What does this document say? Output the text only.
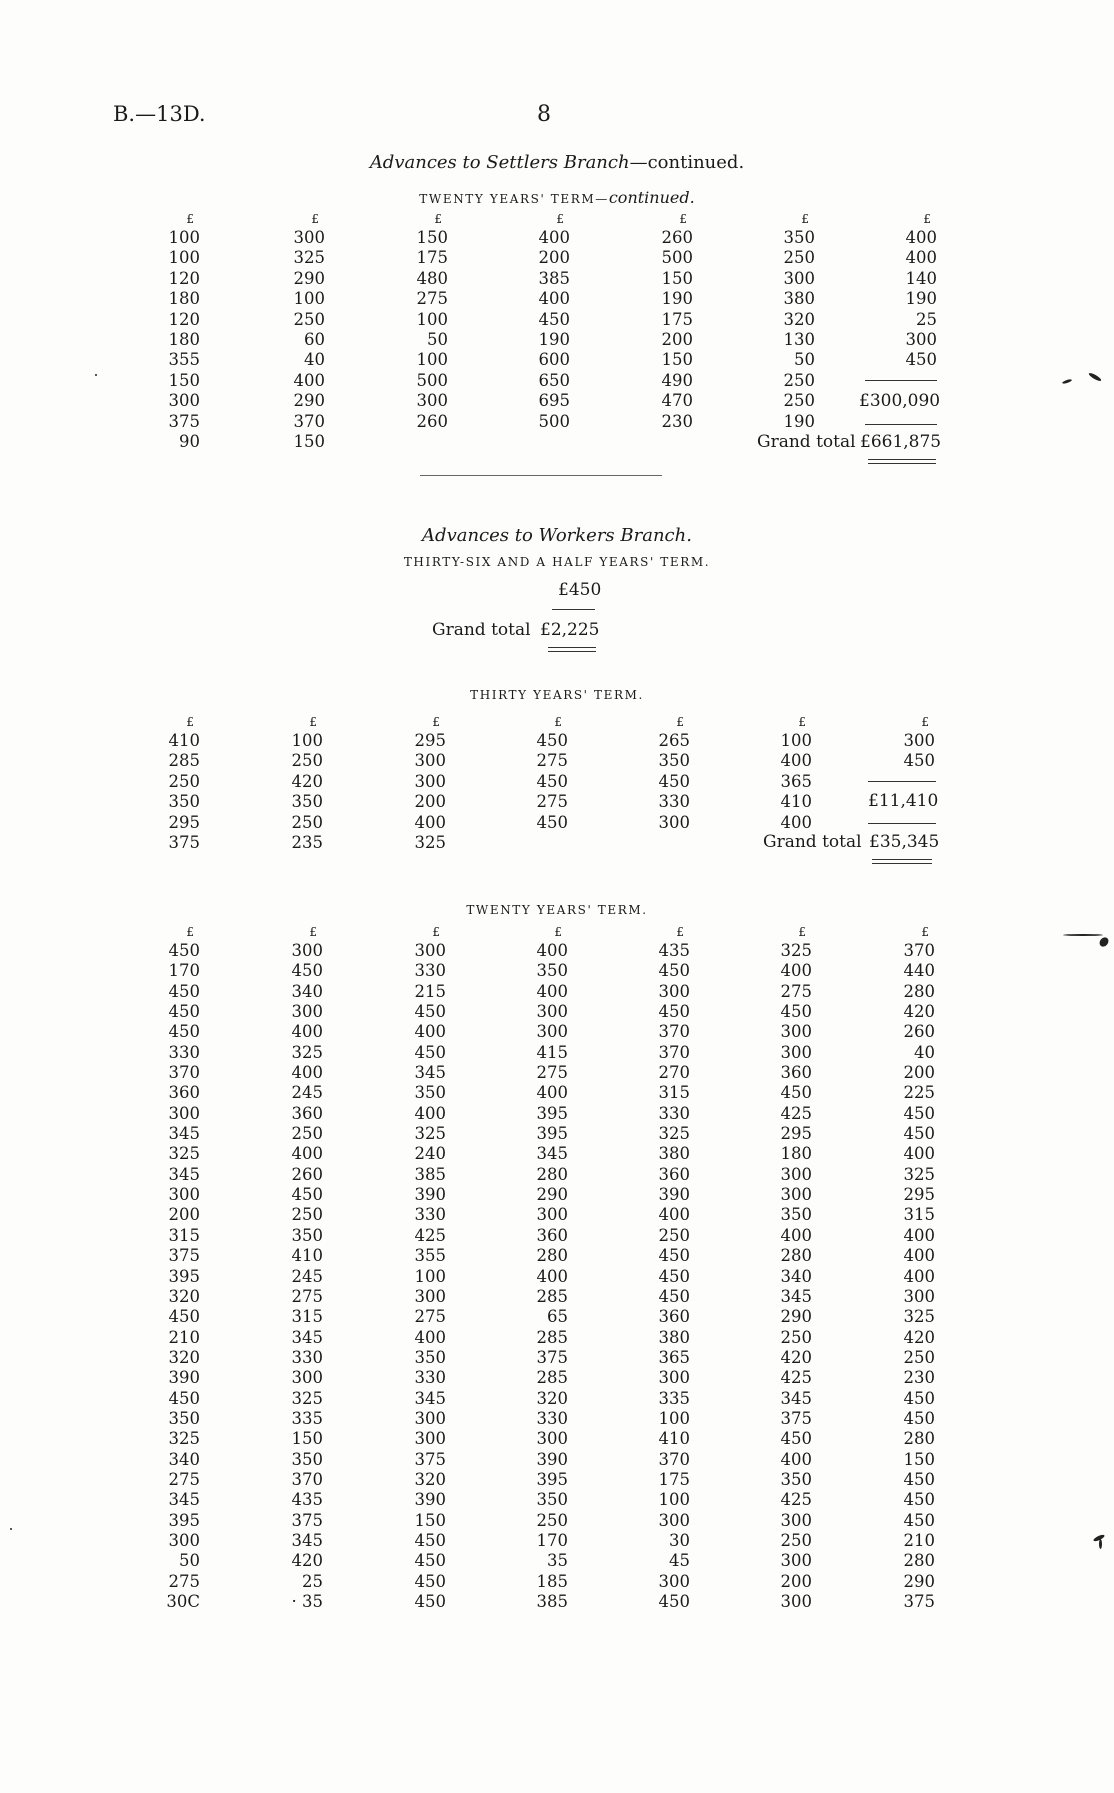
B.—13D.	8
Advances to Settlers Branch—continued.
TWENTY YEARS' TERM—continued.
£
100
100
120
180
120
180
355
150
300
375
90
£
300
325
290
100
250
60
40
400
290
370
150
£
150
175
480
275
100
50
100
500
300
260
£
400
200
385
400
450
190
600
650
695
500
£
260
500
150
190
175
200
150
490
470
230
£
350
250
300
380
320
130
50
250
250
190
£
400
400
140
190
25
300
450
£300,090
Grand total £661,875
Advances to Workers Branch.
THIRTY-SIX AND A HALF YEARS' TERM.
£450
Grand total £2,225
THIRTY YEARS' TERM.
£
410
285
250
350
295
375
£
100
250
420
350
250
235
£
295
300
300
200
400
325
£
450
275
450
275
450
£
265
350
450
330
300
£
100
400
365
410
400
£
300
450
£11,410
Grand total £35,345
TWENTY YEARS' TERM.
£
450
170
450
450
450
330
370
360
300
345
325
345
300
200
315
375
395
320
450
210
320
390
450
350
325
340
275
345
395
300
50
275
30C
£
300
450
340
300
400
325
400
245
360
250
400
260
450
250
350
410
245
275
315
345
330
300
325
335
150
350
370
435
375
345
420
25
· 35
£
300
330
215
450
400
450
345
350
400
325
240
385
390
330
425
355
100
300
275
400
350
330
345
300
300
375
320
390
150
450
450
450
450
£
400
350
400
300
300
415
275
400
395
395
345
280
290
300
360
280
400
285
65
285
375
285
320
330
300
390
395
350
250
170
35
185
385
£
435
450
300
450
370
370
270
315
330
325
380
360
390
400
250
450
450
450
360
380
365
300
335
100
410
370
175
100
300
30
45
300
450
£
325
400
275
450
300
300
360
450
425
295
180
300
300
350
400
280
340
345
290
250
420
425
345
375
450
400
350
425
300
250
300
200
300
£
370
440
280
420
260
40
200
225
450
450
400
325
295
315
400
400
400
300
325
420
250
230
450
450
280
150
450
450
450
210
280
290
375
